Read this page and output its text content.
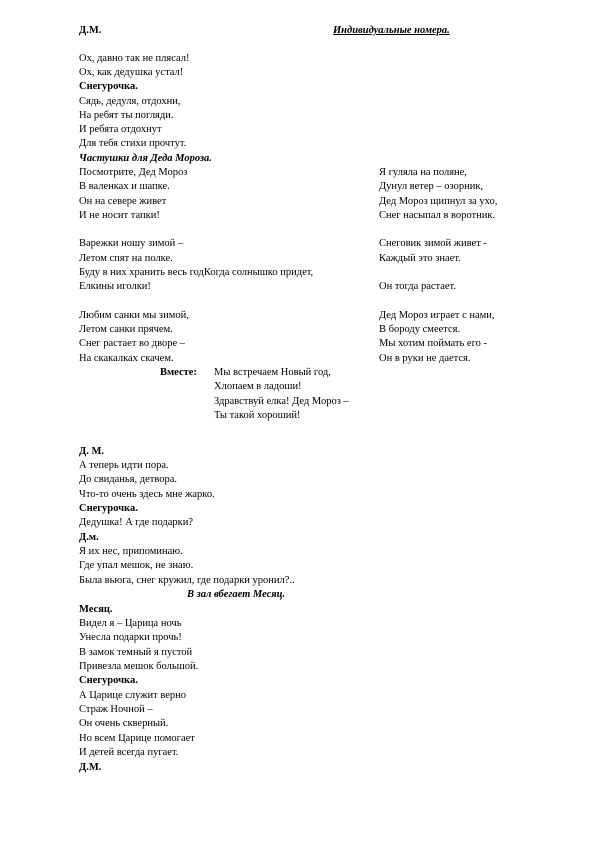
Д.М.	Индивидуальные номера.
Ох, давно так не плясал!
Ох, как дедушка устал!
Снегурочка.
Сядь, дедуля, отдохни,
На ребят ты погляди.
И ребята отдохнут
Для тебя стихи прочтут.
Частушки для Деда Мороза.
Посмотрите, Дед Мороз
В валенках и шапке.
Он на севере живет
И не носит тапки!
Я гуляла на полянe,
Дунул ветер – озорник,
Дед Мороз щипнул за ухо,
Снег насыпал в воротник.
Варежки ношу зимой –
Летом спят на полке.
Буду в них хранить весь годКогда солнышко придет,
Елкины иголки!
Снеговик зимой живет -
Каждый это знает.
Он тогда растает.
Любим санки мы зимой,
Летом санки прячем.
Снег растает во дворе –
На скакалках скачем.
Дед Мороз играет с нами,
В бороду смеется.
Мы хотим поймать его -
Он в руки не дается.
Вместе: Мы встречаем Новый год,
Хлопаем в ладоши!
Здравствуй елка! Дед Мороз –
Ты такой хороший!
Д. М.
А теперь идти пора.
До свиданья, детвора.
Что-то очень здесь мне жарко.
Снегурочка.
Дедушка! А где подарки?
Д.м.
Я их нес, припоминаю.
Где упал мешок, не знаю.
Была вьюга, снег кружил, где подарки уронил?..
В зал вбегает Месяц.
Месяц.
Видел я – Царица ночь
Унесла подарки прочь!
В замок темный я пустой
Привезла мешок большой.
Снегурочка.
А Царице служит верно
Страж Ночной –
Он очень скверный.
Но всем Царице помогает
И детей всегда пугает.
Д.М.
